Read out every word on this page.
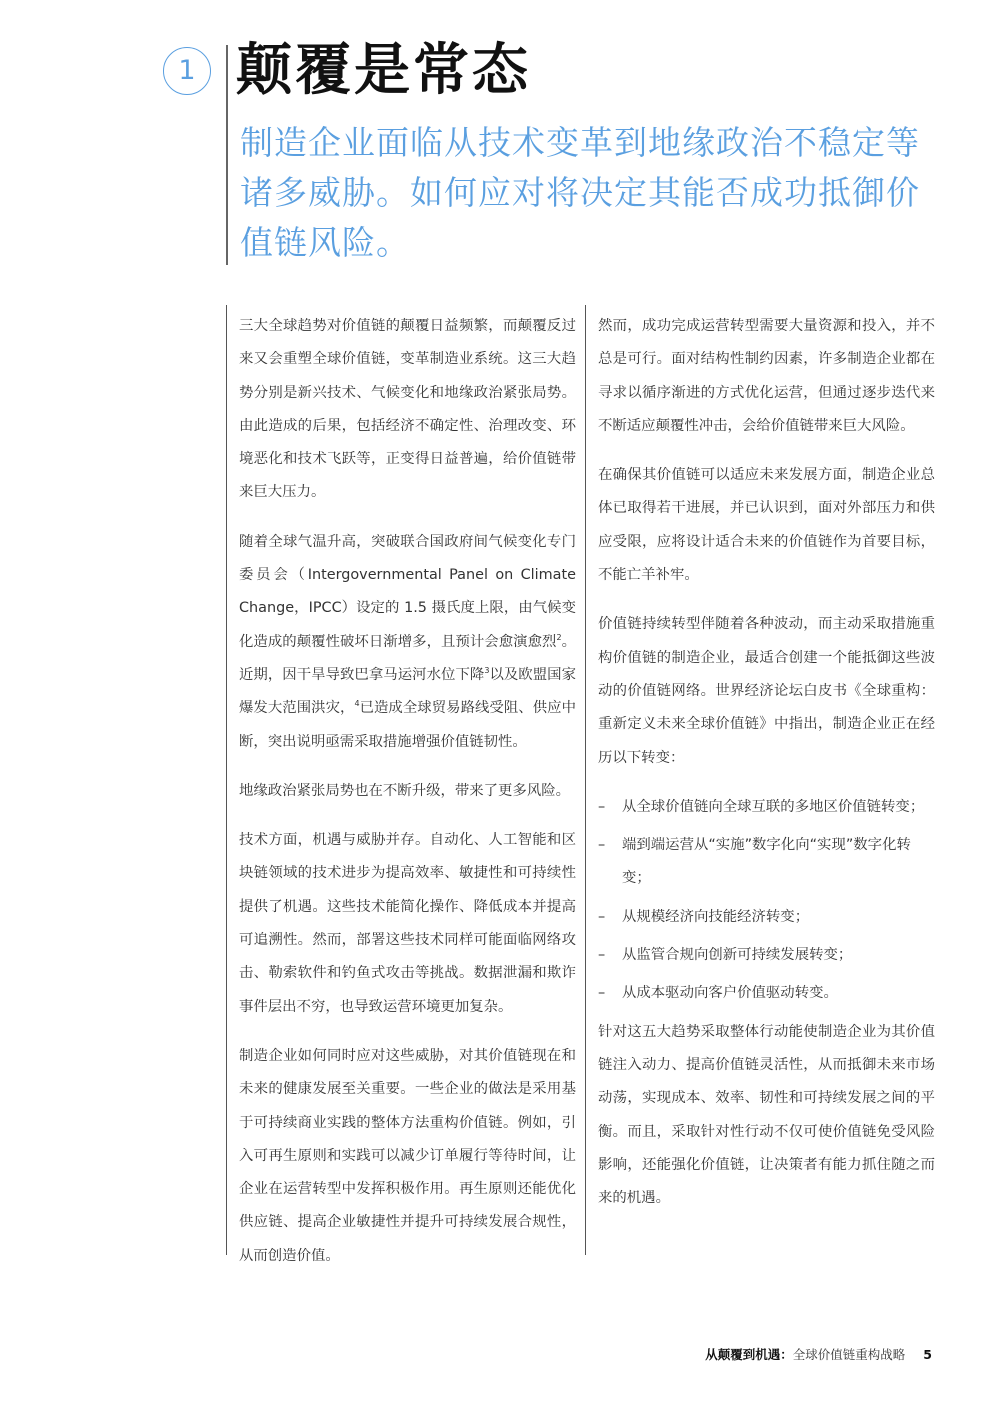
1 颠覆是常态

制造企业面临从技术变革到地缘政治不稳定等诸多威胁。如何应对将决定其能否成功抵御价值链风险。

三大全球趋势对价值链的颠覆日益频繁，而颠覆反过来又会重塑全球价值链，变革制造业系统。这三大趋势分别是新兴技术、气候变化和地缘政治紧张局势。由此造成的后果，包括经济不确定性、治理改变、环境恶化和技术飞跃等，正变得日益普遍，给价值链带来巨大压力。

随着全球气温升高，突破联合国政府间气候变化专门委员会（Intergovernmental Panel on Climate Change，IPCC）设定的 1.5 摄氏度上限，由气候变化造成的颠覆性破坏日渐增多，且预计会愈演愈烈$^2$。近期，因干旱导致巴拿马运河水位下降$^3$以及欧盟国家爆发大范围洪灾，$^4$已造成全球贸易路线受阻、供应中断，突出说明亟需采取措施增强价值链韧性。

地缘政治紧张局势也在不断升级，带来了更多风险。

技术方面，机遇与威胁并存。自动化、人工智能和区块链领域的技术进步为提高效率、敏捷性和可持续性提供了机遇。这些技术能简化操作、降低成本并提高可追溯性。然而，部署这些技术同样可能面临网络攻击、勒索软件和钓鱼式攻击等挑战。数据泄漏和欺诈事件层出不穷，也导致运营环境更加复杂。

制造企业如何同时应对这些威胁，对其价值链现在和未来的健康发展至关重要。一些企业的做法是采用基于可持续商业实践的整体方法重构价值链。例如，引入可再生原则和实践可以减少订单履行等待时间，让企业在运营转型中发挥积极作用。再生原则还能优化供应链、提高企业敏捷性并提升可持续发展合规性，从而创造价值。

然而，成功完成运营转型需要大量资源和投入，并不总是可行。面对结构性制约因素，许多制造企业都在寻求以循序渐进的方式优化运营，但通过逐步迭代来不断适应颠覆性冲击，会给价值链带来巨大风险。

在确保其价值链可以适应未来发展方面，制造企业总体已取得若干进展，并已认识到，面对外部压力和供应受限，应将设计适合未来的价值链作为首要目标，不能亡羊补牢。

价值链持续转型伴随着各种波动，而主动采取措施重构价值链的制造企业，最适合创建一个能抵御这些波动的价值链网络。世界经济论坛白皮书《全球重构：重新定义未来全球价值链》中指出，制造企业正在经历以下转变：

– 从全球价值链向全球互联的多地区价值链转变；
– 端到端运营从“实施”数字化向“实现”数字化转变；
– 从规模经济向技能经济转变；
– 从监管合规向创新可持续发展转变；
– 从成本驱动向客户价值驱动转变。

针对这五大趋势采取整体行动能使制造企业为其价值链注入动力、提高价值链灵活性，从而抵御未来市场动荡，实现成本、效率、韧性和可持续发展之间的平衡。而且，采取针对性行动不仅可使价值链免受风险影响，还能强化价值链，让决策者有能力抓住随之而来的机遇。

从颠覆到机遇：全球价值链重构战略 5
